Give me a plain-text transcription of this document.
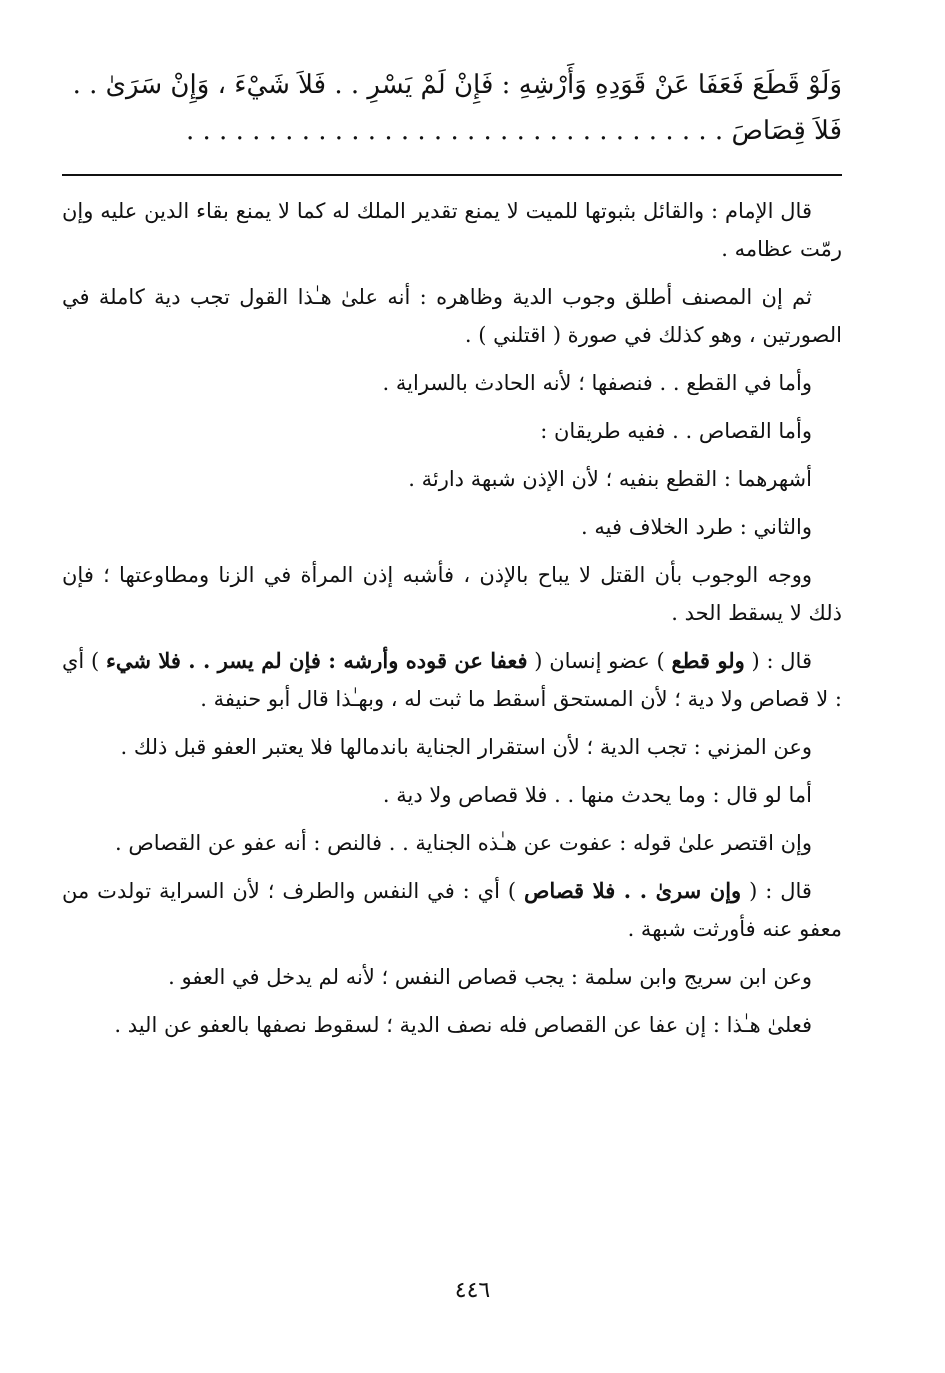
وَلَوْ قَطَعَ فَعَفَا عَنْ قَوَدِهِ وَأَرْشِهِ : فَإِنْ لَمْ يَسْرِ . . فَلاَ شَيْءَ ، وَإِنْ سَرَىٰ . .
فَلاَ قِصَاصَ . . . . . . . . . . . . . . . . . . . . . . . . . . . . . . . . .

قال الإمام : والقائل بثبوتها للميت لا يمنع تقدير الملك له كما لا يمنع بقاء الدين عليه وإن رمّت عظامه .

ثم إن المصنف أطلق وجوب الدية وظاهره : أنه علىٰ هـٰذا القول تجب دية كاملة في الصورتين ، وهو كذلك في صورة ( اقتلني ) .

وأما في القطع . . فنصفها ؛ لأنه الحادث بالسراية .

وأما القصاص . . ففيه طريقان :

أشهرهما : القطع بنفيه ؛ لأن الإذن شبهة دارئة .

والثاني : طرد الخلاف فيه .

ووجه الوجوب بأن القتل لا يباح بالإذن ، فأشبه إذن المرأة في الزنا ومطاوعتها ؛ فإن ذلك لا يسقط الحد .

قال : ( ولو قطع ) عضو إنسان ( فعفا عن قوده وأرشه : فإن لم يسر . . فلا شيء ) أي : لا قصاص ولا دية ؛ لأن المستحق أسقط ما ثبت له ، وبهـٰذا قال أبو حنيفة .

وعن المزني : تجب الدية ؛ لأن استقرار الجناية باندمالها فلا يعتبر العفو قبل ذلك .

أما لو قال : وما يحدث منها . . فلا قصاص ولا دية .

وإن اقتصر علىٰ قوله : عفوت عن هـٰذه الجناية . . فالنص : أنه عفو عن القصاص .

قال : ( وإن سرىٰ . . فلا قصاص ) أي : في النفس والطرف ؛ لأن السراية تولدت من معفو عنه فأورثت شبهة .

وعن ابن سريج وابن سلمة : يجب قصاص النفس ؛ لأنه لم يدخل في العفو .

فعلىٰ هـٰذا : إن عفا عن القصاص فله نصف الدية ؛ لسقوط نصفها بالعفو عن اليد .

٤٤٦
